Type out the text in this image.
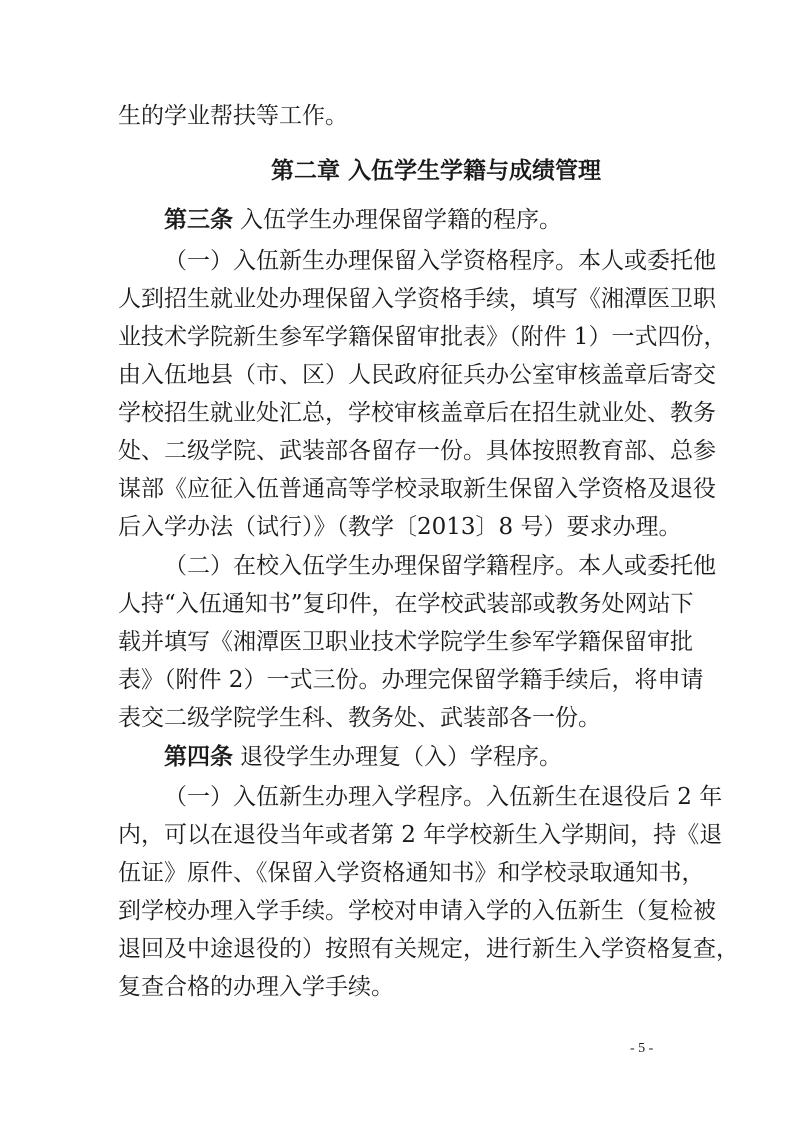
生的学业帮扶等工作。
第二章 入伍学生学籍与成绩管理
第三条 入伍学生办理保留学籍的程序。
（一）入伍新生办理保留入学资格程序。本人或委托他
人到招生就业处办理保留入学资格手续，填写《湘潭医卫职
业技术学院新生参军学籍保留审批表》（附件 1）一式四份，
由入伍地县（市、区）人民政府征兵办公室审核盖章后寄交
学校招生就业处汇总，学校审核盖章后在招生就业处、教务
处、二级学院、武装部各留存一份。具体按照教育部、总参
谋部《应征入伍普通高等学校录取新生保留入学资格及退役
后入学办法（试行）》（教学〔2013〕8 号）要求办理。
（二）在校入伍学生办理保留学籍程序。本人或委托他
人持“入伍通知书”复印件，在学校武装部或教务处网站下
载并填写《湘潭医卫职业技术学院学生参军学籍保留审批
表》（附件 2）一式三份。办理完保留学籍手续后，将申请
表交二级学院学生科、教务处、武装部各一份。
第四条 退役学生办理复（入）学程序。
（一）入伍新生办理入学程序。入伍新生在退役后 2 年
内，可以在退役当年或者第 2 年学校新生入学期间，持《退
伍证》原件、《保留入学资格通知书》和学校录取通知书，
到学校办理入学手续。学校对申请入学的入伍新生（复检被
退回及中途退役的）按照有关规定，进行新生入学资格复查，
复查合格的办理入学手续。
- 5 -
